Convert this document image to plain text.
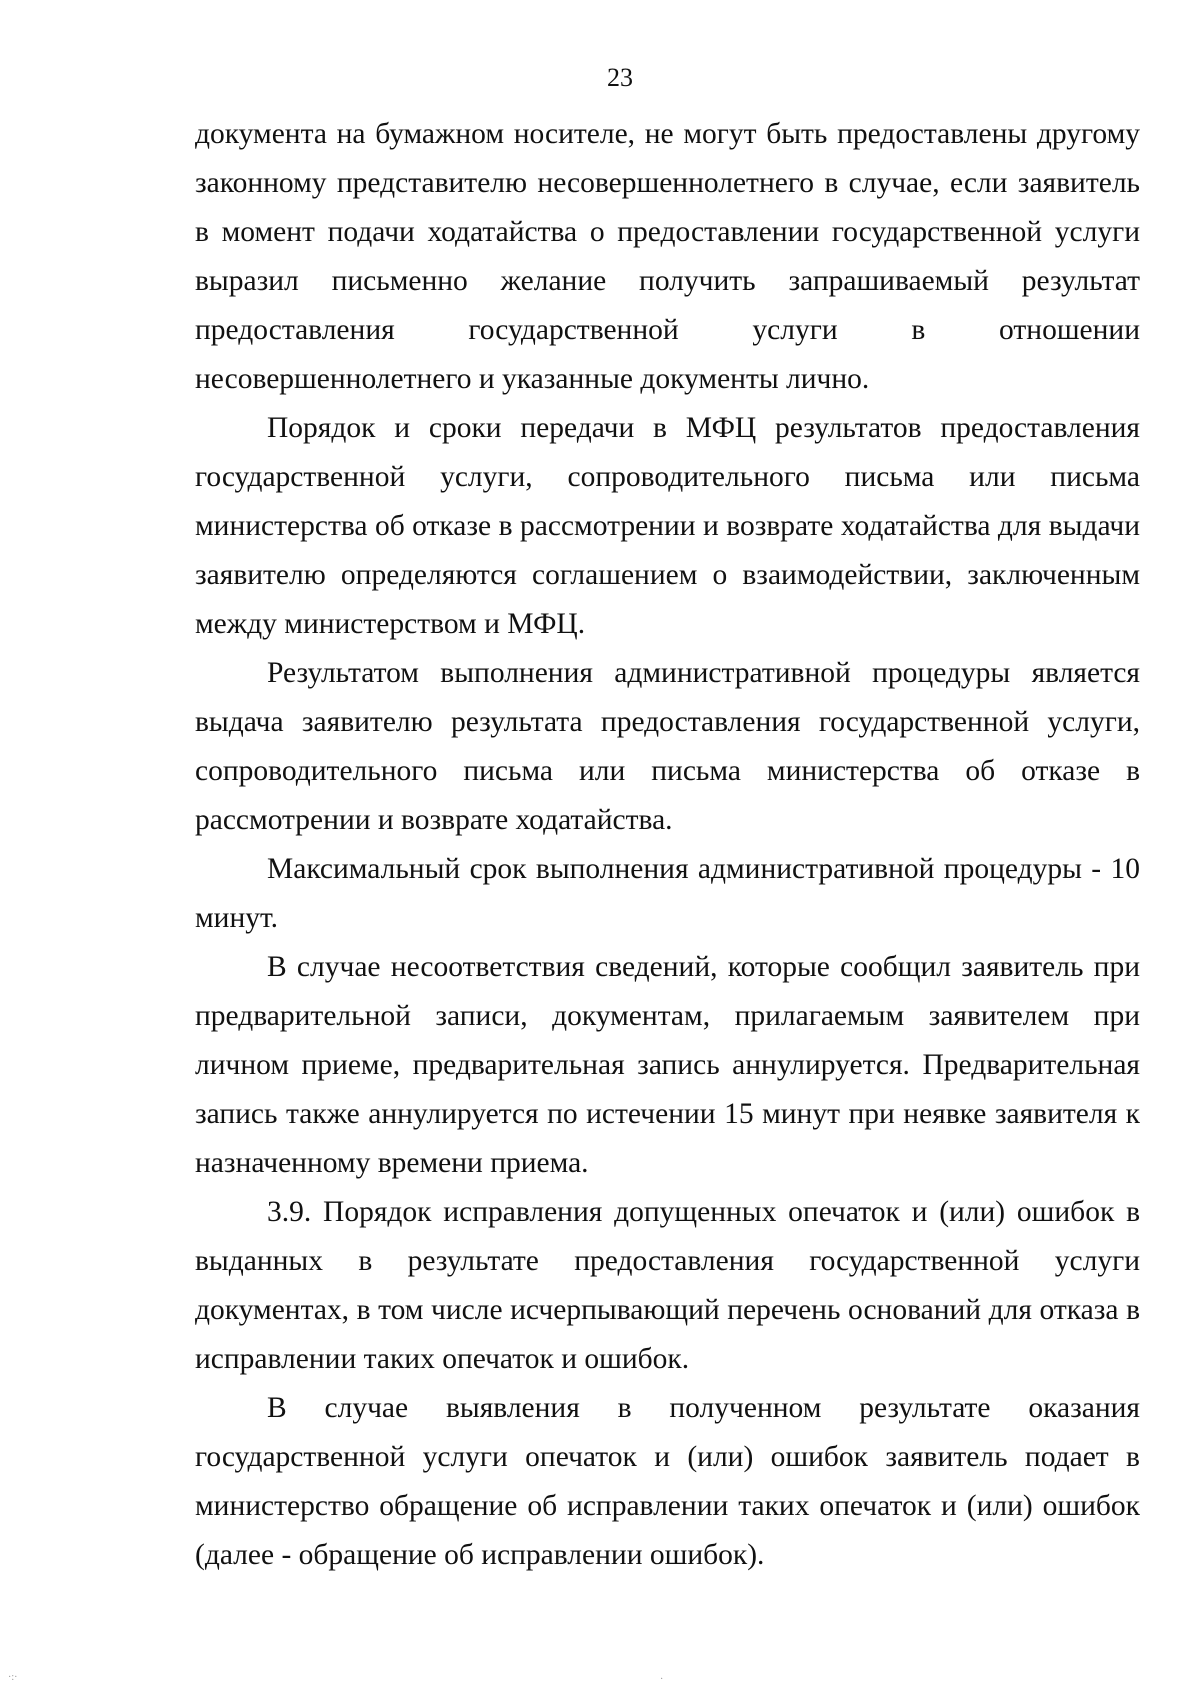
23

документа на бумажном носителе, не могут быть предоставлены другому законному представителю несовершеннолетнего в случае, если заявитель в момент подачи ходатайства о предоставлении государственной услуги выразил письменно желание получить запрашиваемый результат предоставления государственной услуги в отношении несовершеннолетнего и указанные документы лично.

Порядок и сроки передачи в МФЦ результатов предоставления государственной услуги, сопроводительного письма или письма министерства об отказе в рассмотрении и возврате ходатайства для выдачи заявителю определяются соглашением о взаимодействии, заключенным между министерством и МФЦ.

Результатом выполнения административной процедуры является выдача заявителю результата предоставления государственной услуги, сопроводительного письма или письма министерства об отказе в рассмотрении и возврате ходатайства.

Максимальный срок выполнения административной процедуры - 10 минут.

В случае несоответствия сведений, которые сообщил заявитель при предварительной записи, документам, прилагаемым заявителем при личном приеме, предварительная запись аннулируется. Предварительная запись также аннулируется по истечении 15 минут при неявке заявителя к назначенному времени приема.

3.9. Порядок исправления допущенных опечаток и (или) ошибок в выданных в результате предоставления государственной услуги документах, в том числе исчерпывающий перечень оснований для отказа в исправлении таких опечаток и ошибок.

В случае выявления в полученном результате оказания государственной услуги опечаток и (или) ошибок заявитель подает в министерство обращение об исправлении таких опечаток и (или) ошибок (далее - обращение об исправлении ошибок).

·:·	·
